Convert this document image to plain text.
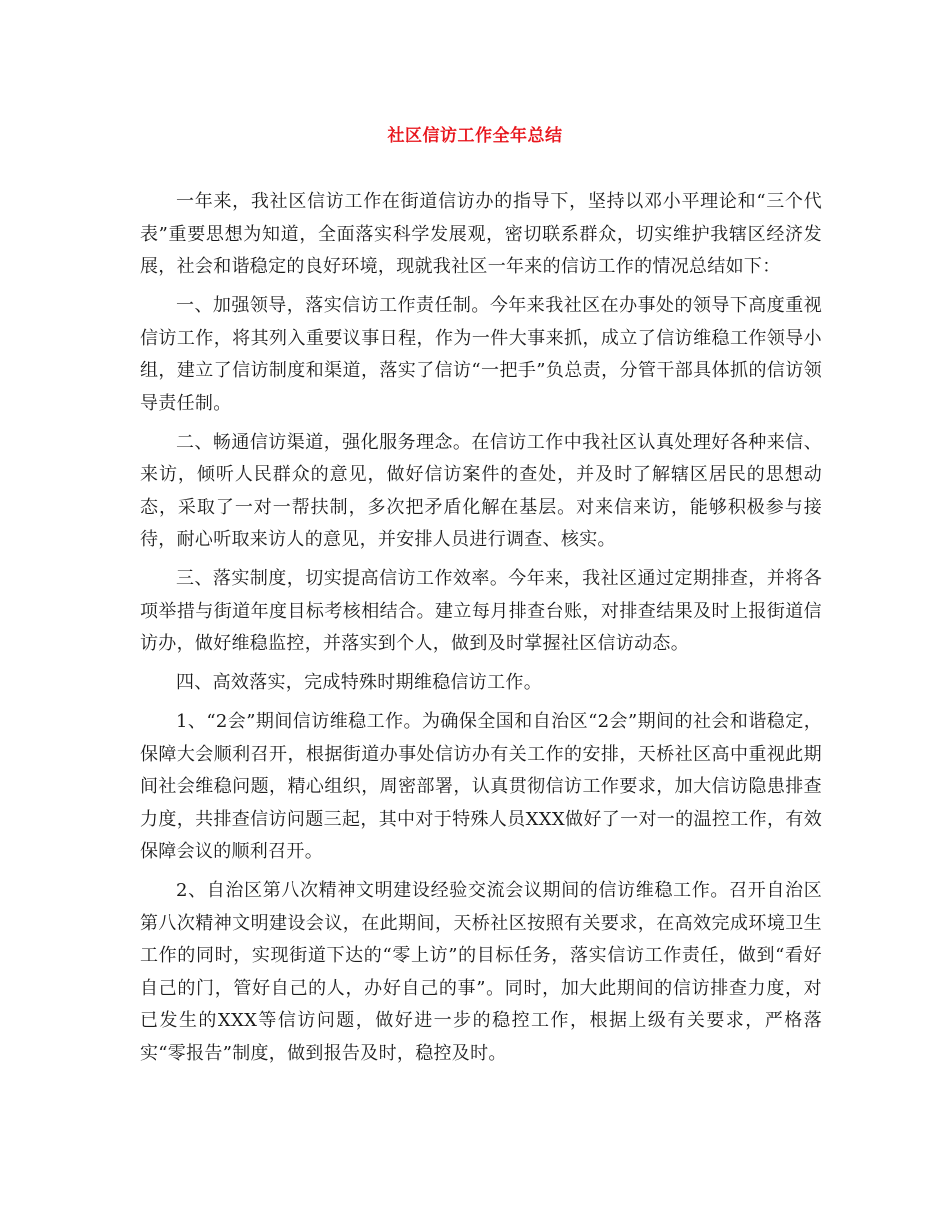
社区信访工作全年总结

一年来，我社区信访工作在街道信访办的指导下，坚持以邓小平理论和“三个代表”重要思想为知道，全面落实科学发展观，密切联系群众，切实维护我辖区经济发展，社会和谐稳定的良好环境，现就我社区一年来的信访工作的情况总结如下：

一、加强领导，落实信访工作责任制。今年来我社区在办事处的领导下高度重视信访工作，将其列入重要议事日程，作为一件大事来抓，成立了信访维稳工作领导小组，建立了信访制度和渠道，落实了信访“一把手”负总责，分管干部具体抓的信访领导责任制。

二、畅通信访渠道，强化服务理念。在信访工作中我社区认真处理好各种来信、来访，倾听人民群众的意见，做好信访案件的查处，并及时了解辖区居民的思想动态，采取了一对一帮扶制，多次把矛盾化解在基层。对来信来访，能够积极参与接待，耐心听取来访人的意见，并安排人员进行调查、核实。

三、落实制度，切实提高信访工作效率。今年来，我社区通过定期排查，并将各项举措与街道年度目标考核相结合。建立每月排查台账，对排查结果及时上报街道信访办，做好维稳监控，并落实到个人，做到及时掌握社区信访动态。

四、高效落实，完成特殊时期维稳信访工作。

1、“2会”期间信访维稳工作。为确保全国和自治区“2会”期间的社会和谐稳定，保障大会顺利召开，根据街道办事处信访办有关工作的安排，天桥社区高中重视此期间社会维稳问题，精心组织，周密部署，认真贯彻信访工作要求，加大信访隐患排查力度，共排查信访问题三起，其中对于特殊人员XXX做好了一对一的温控工作，有效保障会议的顺利召开。

2、自治区第八次精神文明建设经验交流会议期间的信访维稳工作。召开自治区第八次精神文明建设会议，在此期间，天桥社区按照有关要求，在高效完成环境卫生工作的同时，实现街道下达的“零上访”的目标任务，落实信访工作责任，做到“看好自己的门，管好自己的人，办好自己的事”。同时，加大此期间的信访排查力度，对已发生的XXX等信访问题，做好进一步的稳控工作，根据上级有关要求，严格落实“零报告”制度，做到报告及时，稳控及时。
